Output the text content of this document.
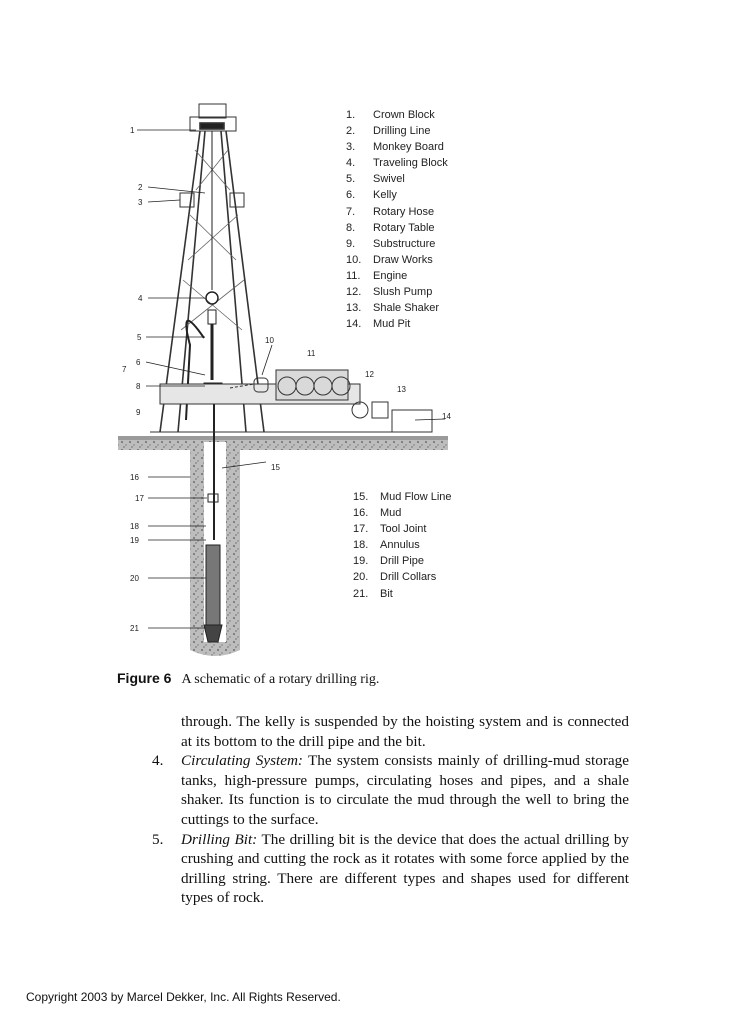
1
2
3
4
5
6
7
8
9
10
11
12
13
14
15
16
17
18
19
20
21
1.	Crown Block
2.	Drilling Line
3.	Monkey Board
4.	Traveling Block
5.	Swivel
6.	Kelly
7.	Rotary Hose
8.	Rotary Table
9.	Substructure
10.	Draw Works
11.	Engine
12.	Slush Pump
13.	Shale Shaker
14.	Mud Pit
15.	Mud Flow Line
16.	Mud
17.	Tool Joint
18.	Annulus
19.	Drill Pipe
20.	Drill Collars
21.	Bit
Figure 6 A schematic of a rotary drilling rig.

through. The kelly is suspended by the hoisting system and is connected at its bottom to the drill pipe and the bit.

4. Circulating System: The system consists mainly of drilling-mud storage tanks, high-pressure pumps, circulating hoses and pipes, and a shale shaker. Its function is to circulate the mud through the well to bring the cuttings to the surface.

5. Drilling Bit: The drilling bit is the device that does the actual drilling by crushing and cutting the rock as it rotates with some force applied by the drilling string. There are different types and shapes used for different types of rock.

Copyright 2003 by Marcel Dekker, Inc. All Rights Reserved.
